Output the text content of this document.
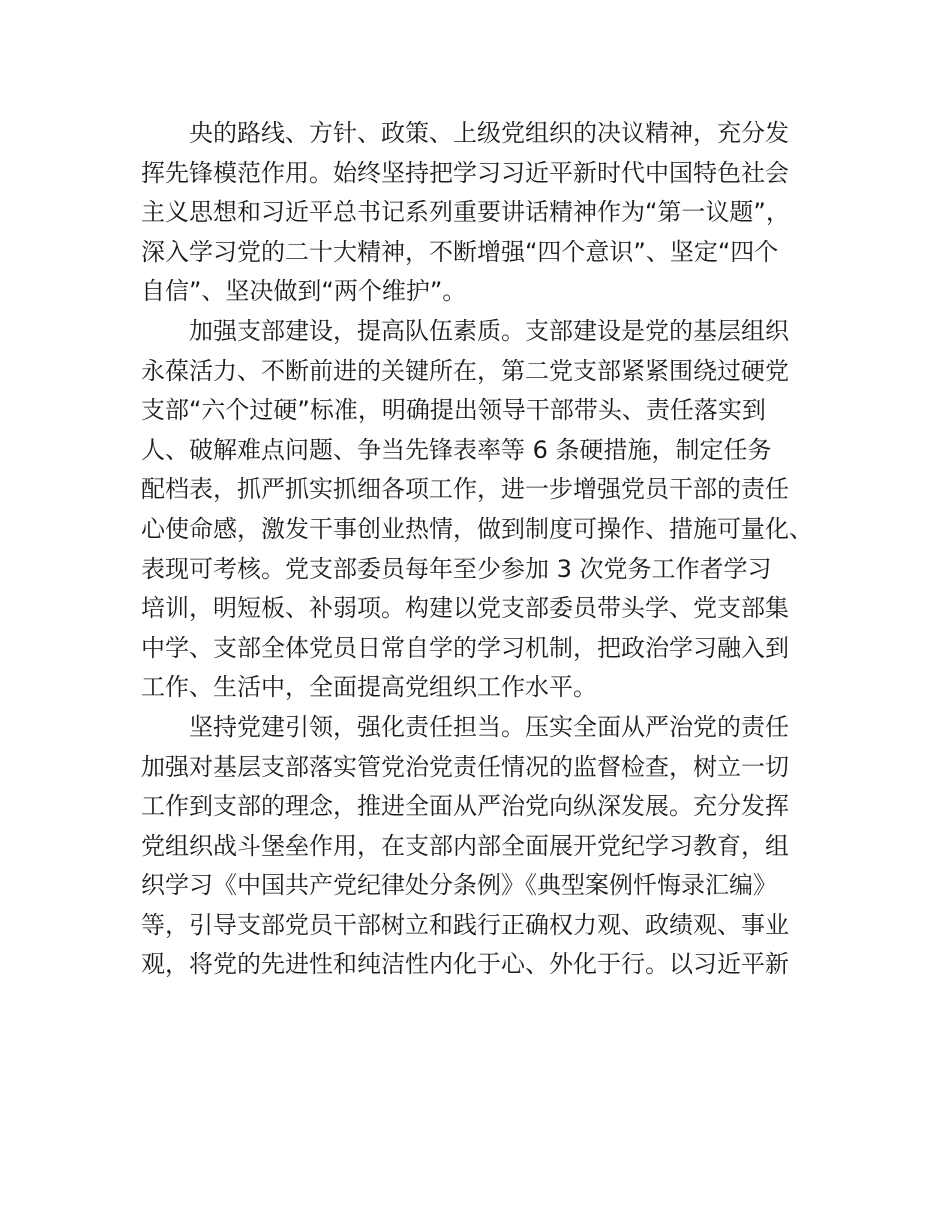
央的路线、方针、政策、上级党组织的决议精神，充分发
挥先锋模范作用。始终坚持把学习习近平新时代中国特色社会
主义思想和习近平总书记系列重要讲话精神作为“第一议题”，
深入学习党的二十大精神，不断增强“四个意识”、坚定“四个
自信”、坚决做到“两个维护”。
加强支部建设，提高队伍素质。支部建设是党的基层组织
永葆活力、不断前进的关键所在，第二党支部紧紧围绕过硬党
支部“六个过硬”标准，明确提出领导干部带头、责任落实到
人、破解难点问题、争当先锋表率等 6 条硬措施，制定任务
配档表，抓严抓实抓细各项工作，进一步增强党员干部的责任
心使命感，激发干事创业热情，做到制度可操作、措施可量化、
表现可考核。党支部委员每年至少参加 3 次党务工作者学习
培训，明短板、补弱项。构建以党支部委员带头学、党支部集
中学、支部全体党员日常自学的学习机制，把政治学习融入到
工作、生活中，全面提高党组织工作水平。
坚持党建引领，强化责任担当。压实全面从严治党的责任
加强对基层支部落实管党治党责任情况的监督检查，树立一切
工作到支部的理念，推进全面从严治党向纵深发展。充分发挥
党组织战斗堡垒作用，在支部内部全面展开党纪学习教育，组
织学习《中国共产党纪律处分条例》《典型案例忏悔录汇编》
等，引导支部党员干部树立和践行正确权力观、政绩观、事业
观，将党的先进性和纯洁性内化于心、外化于行。以习近平新
